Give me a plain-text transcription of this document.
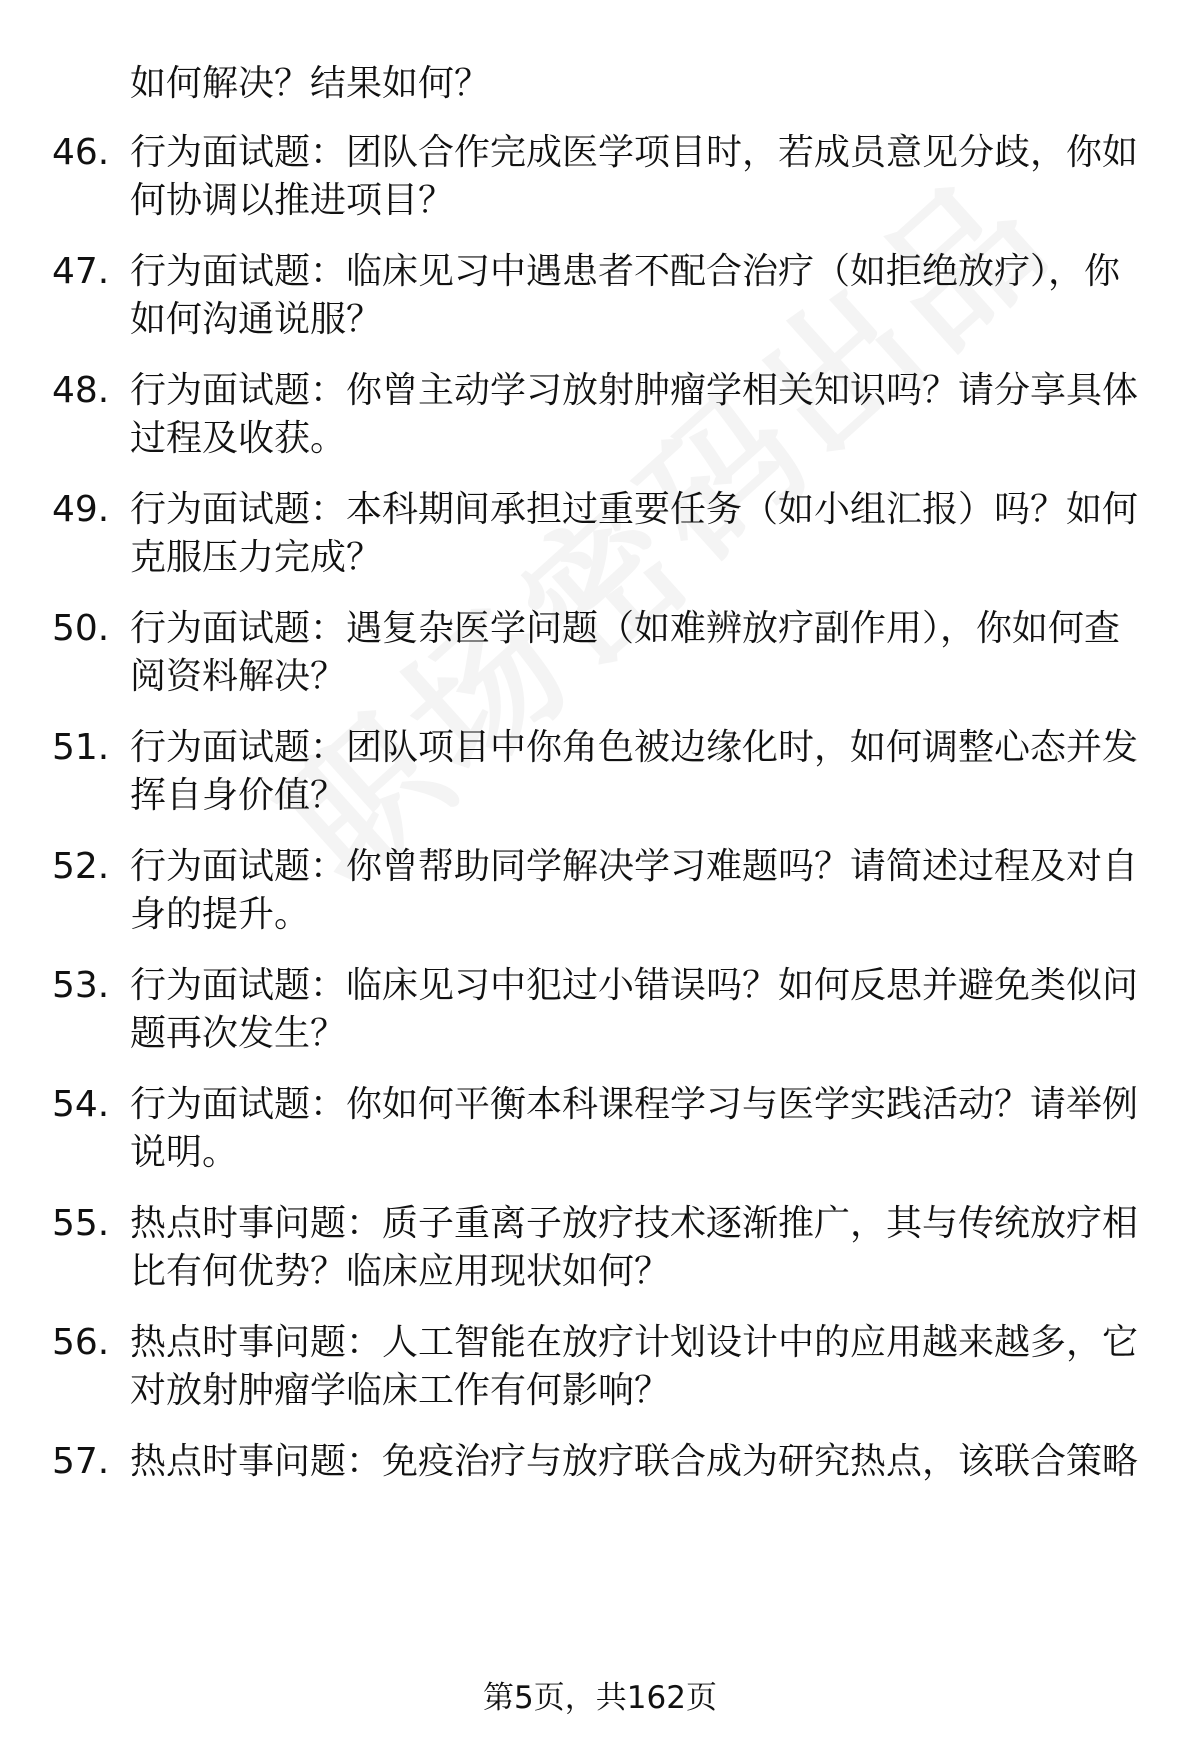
如何解决？结果如何？
46. 行为面试题：团队合作完成医学项目时，若成员意见分歧，你如
何协调以推进项目？
47. 行为面试题：临床见习中遇患者不配合治疗（如拒绝放疗），你
如何沟通说服？
48. 行为面试题：你曾主动学习放射肿瘤学相关知识吗？请分享具体
过程及收获。
49. 行为面试题：本科期间承担过重要任务（如小组汇报）吗？如何
克服压力完成？
50. 行为面试题：遇复杂医学问题（如难辨放疗副作用），你如何查
阅资料解决？
51. 行为面试题：团队项目中你角色被边缘化时，如何调整心态并发
挥自身价值？
52. 行为面试题：你曾帮助同学解决学习难题吗？请简述过程及对自
身的提升。
53. 行为面试题：临床见习中犯过小错误吗？如何反思并避免类似问
题再次发生？
54. 行为面试题：你如何平衡本科课程学习与医学实践活动？请举例
说明。
55. 热点时事问题：质子重离子放疗技术逐渐推广，其与传统放疗相
比有何优势？临床应用现状如何？
56. 热点时事问题：人工智能在放疗计划设计中的应用越来越多，它
对放射肿瘤学临床工作有何影响？
57. 热点时事问题：免疫治疗与放疗联合成为研究热点，该联合策略
第5页，共162页
